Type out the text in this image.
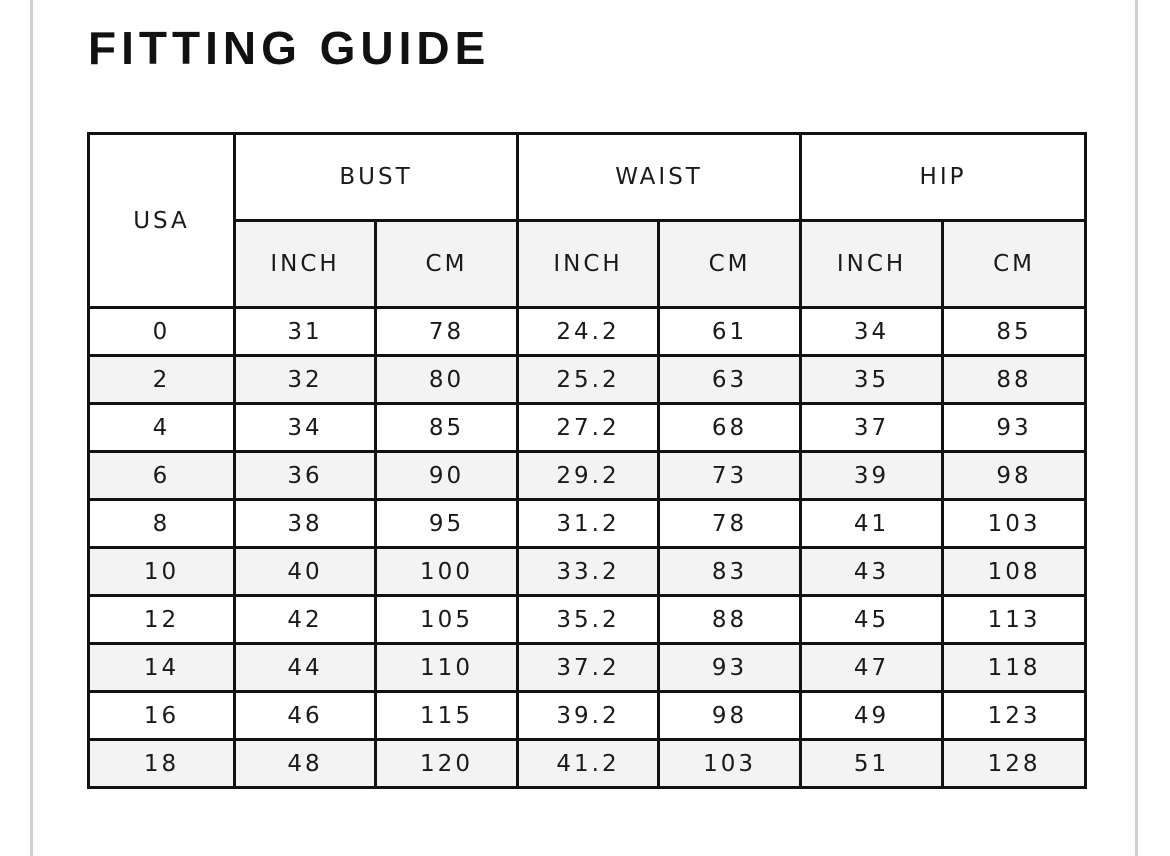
FITTING GUIDE
USA	BUST		WAIST		HIP	
	INCH	CM	INCH	CM	INCH	CM
0	31	78	24.2	61	34	85
2	32	80	25.2	63	35	88
4	34	85	27.2	68	37	93
6	36	90	29.2	73	39	98
8	38	95	31.2	78	41	103
10	40	100	33.2	83	43	108
12	42	105	35.2	88	45	113
14	44	110	37.2	93	47	118
16	46	115	39.2	98	49	123
18	48	120	41.2	103	51	128
